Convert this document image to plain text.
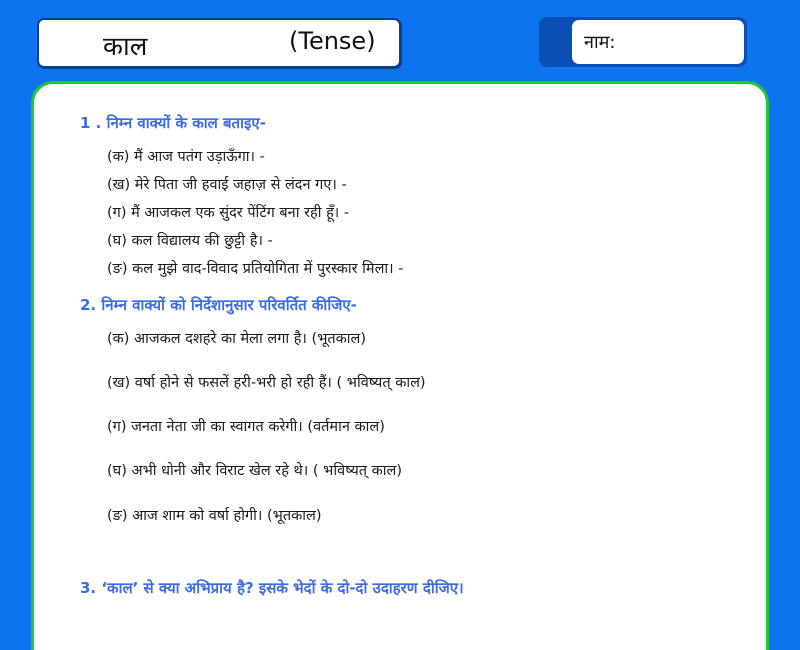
काल	(Tense)	नाम:
1 . निम्न वाक्यों के काल बताइए-
(क) मैं आज पतंग उड़ाऊँगा। -
(ख) मेरे पिता जी हवाई जहाज़ से लंदन गए। -
(ग) मैं आजकल एक सुंदर पेंटिंग बना रही हूँ। -
(घ) कल विद्यालय की छुट्टी है। -
(ङ) कल मुझे वाद-विवाद प्रतियोगिता में पुरस्कार मिला। -
2. निम्न वाक्यों को निर्देशानुसार परिवर्तित कीजिए-
(क) आजकल दशहरे का मेला लगा है। (भूतकाल)
(ख) वर्षा होने से फसलें हरी-भरी हो रही हैं। ( भविष्यत् काल)
(ग) जनता नेता जी का स्वागत करेगी। (वर्तमान काल)
(घ) अभी धोनी और विराट खेल रहे थे। ( भविष्यत् काल)
(ङ) आज शाम को वर्षा होगी। (भूतकाल)
3. ‘काल’ से क्या अभिप्राय है? इसके भेदों के दो-दो उदाहरण दीजिए।
